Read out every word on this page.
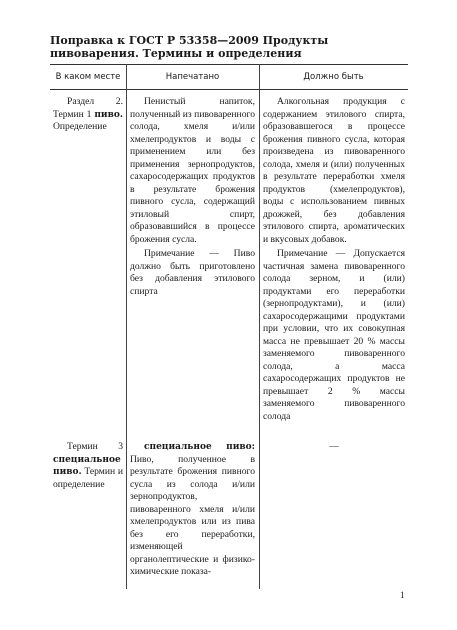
Поправка к ГОСТ Р 53358—2009 Продукты пивоварения. Термины и определения
В каком месте	Напечатано	Должно быть

Раздел 2. Термин 1 пиво. Определение

Пенистый напиток, полученный из пивоваренного солода, хмеля и/или хмелепродуктов и воды с применением или без применения зернопродуктов, сахаросодержащих продуктов в результате брожения пивного сусла, содержащий этиловый спирт, образовавшийся в процессе брожения сусла.

Примечание — Пиво должно быть приготовлено без добавления этилового спирта

Алкогольная продукция с содержанием этилового спирта, образовавшегося в процессе брожения пивного сусла, которая произведена из пивоваренного солода, хмеля и (или) полученных в результате переработки хмеля продуктов (хмелепродуктов), воды с использованием пивных дрожжей, без добавления этилового спирта, ароматических и вкусовых добавок.

Примечание — Допускается частичная замена пивоваренного солода зерном, и (или) продуктами его переработки (зернопродуктами), и (или) сахаросодержащими продуктами при условии, что их совокупная масса не превышает 20 % массы заменяемого пивоваренного солода, а масса сахаросодержащих продуктов не превышает 2 % массы заменяемого пивоваренного солода

Термин 3 специальное пиво. Термин и определение

специальное пиво: Пиво, полученное в результате брожения пивного сусла из солода и/или зернопродуктов, пивоваренного хмеля и/или хмелепродуктов или из пива без его переработки, изменяющей органолептические и физико-химические показа-

—

1
